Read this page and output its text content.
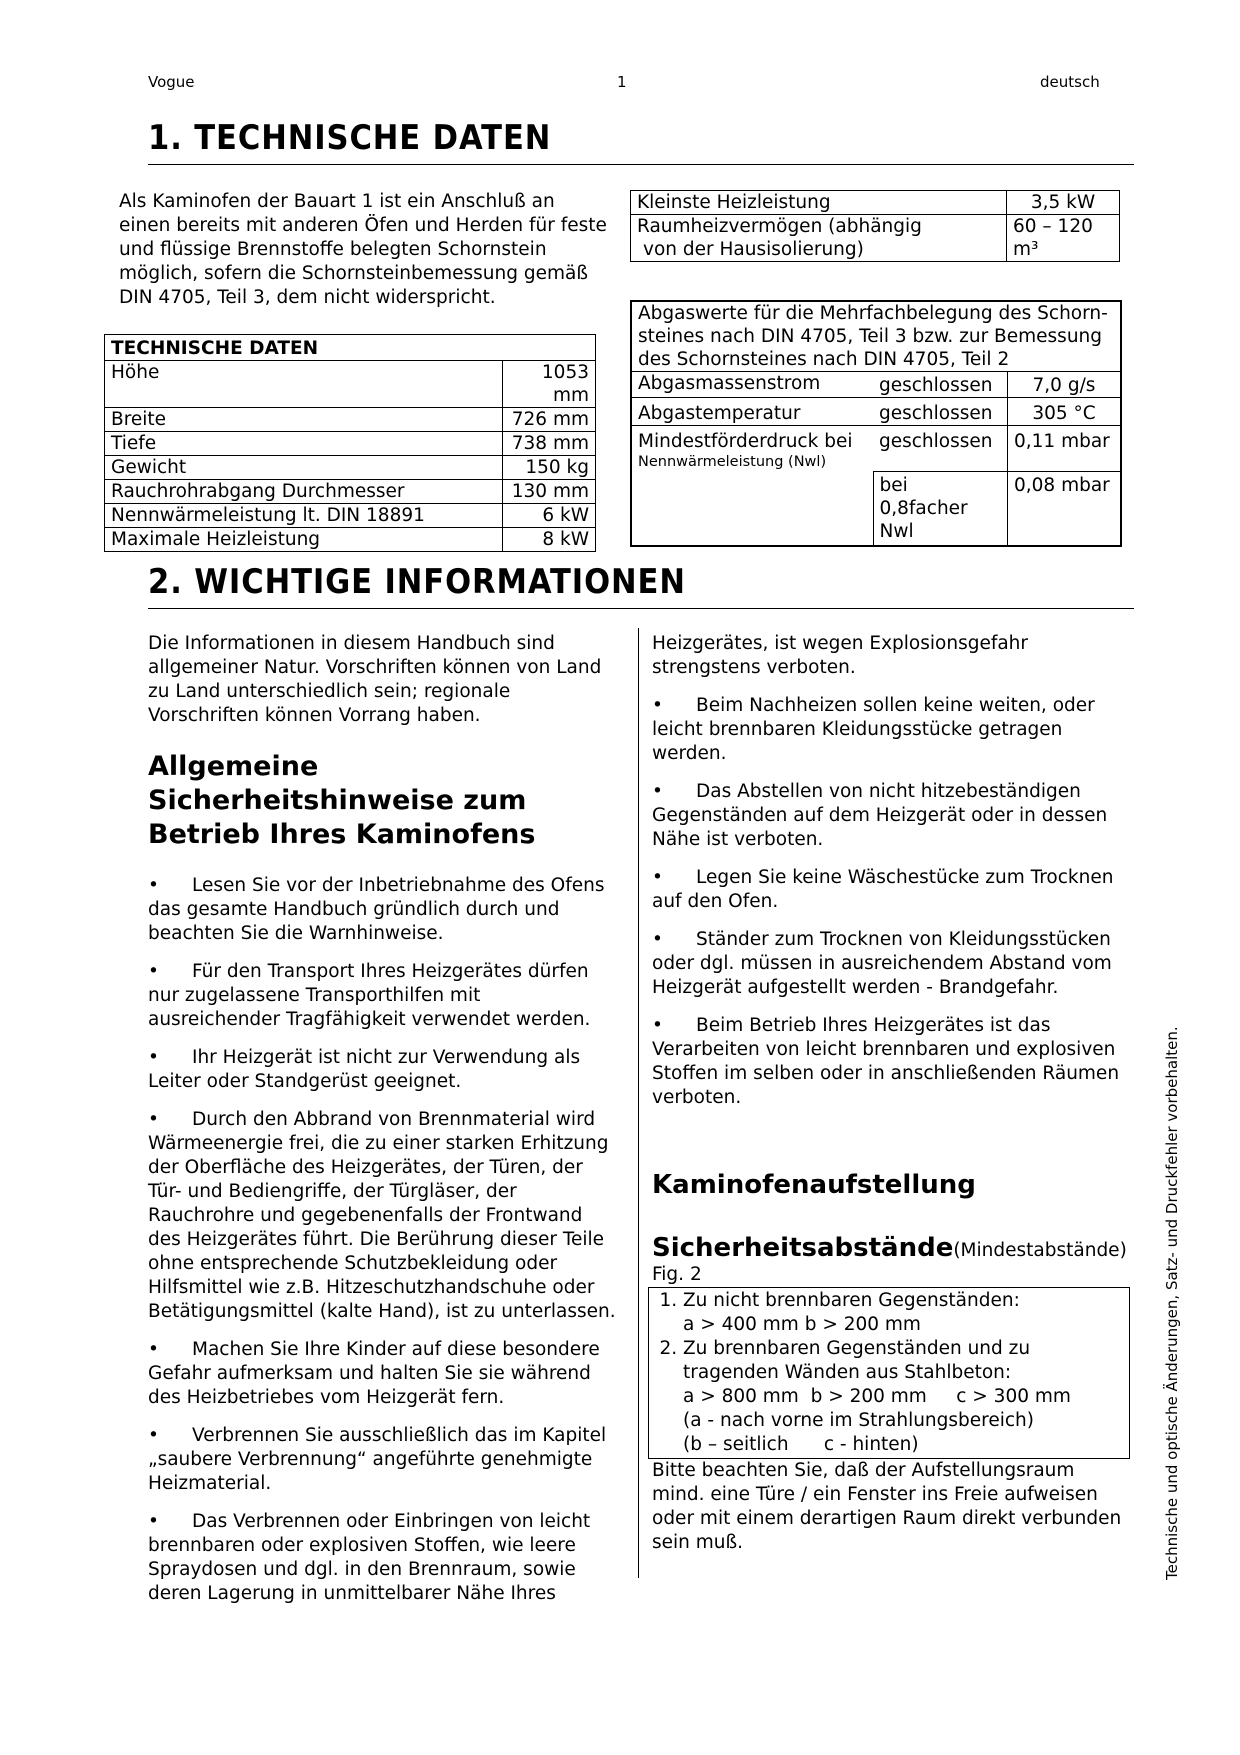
Vogue	1	deutsch
1. TECHNISCHE DATEN
Als Kaminofen der Bauart 1 ist ein Anschluß an einen bereits mit anderen Öfen und Herden für feste und flüssige Brennstoffe belegten Schornstein möglich, sofern die Schornsteinbemessung gemäß DIN 4705, Teil 3, dem nicht widerspricht.
TECHNISCHE DATEN	
Höhe	1053 mm
Breite	726 mm
Tiefe	738 mm
Gewicht	150 kg
Rauchrohrabgang Durchmesser	130 mm
Nennwärmeleistung lt. DIN 18891	6 kW
Maximale Heizleistung	8 kW
Kleinste Heizleistung	3,5 kW

Raumheizvermögen (abhängig
von der Hausisolierung)	60 – 120
m³
Abgaswerte für die Mehrfachbelegung des Schorn-steines nach DIN 4705, Teil 3 bzw. zur Bemessung des Schornsteines nach DIN 4705, Teil 2		
Abgasmassenstrom	geschlossen	7,0 g/s
Abgastemperatur	geschlossen	305 °C

Mindestförderdruck bei
Nennwärmeleistung (Nwl)	geschlossen	0,11 mbar
	bei 0,8facher Nwl	0,08 mbar
2. WICHTIGE INFORMATIONEN

Die Informationen in diesem Handbuch sind allgemeiner Natur. Vorschriften können von Land zu Land unterschiedlich sein; regionale Vorschriften können Vorrang haben.

Allgemeine Sicherheitshinweise zum Betrieb Ihres Kaminofens

• Lesen Sie vor der Inbetriebnahme des Ofens das gesamte Handbuch gründlich durch und beachten Sie die Warnhinweise.

• Für den Transport Ihres Heizgerätes dürfen nur zugelassene Transporthilfen mit ausreichender Tragfähigkeit verwendet werden.

• Ihr Heizgerät ist nicht zur Verwendung als Leiter oder Standgerüst geeignet.

• Durch den Abbrand von Brennmaterial wird Wärmeenergie frei, die zu einer starken Erhitzung der Oberfläche des Heizgerätes, der Türen, der Tür- und Bediengriffe, der Türgläser, der Rauchrohre und gegebenenfalls der Frontwand des Heizgerätes führt. Die Berührung dieser Teile ohne entsprechende Schutzbekleidung oder Hilfsmittel wie z.B. Hitzeschutzhandschuhe oder Betätigungsmittel (kalte Hand), ist zu unterlassen.

• Machen Sie Ihre Kinder auf diese besondere Gefahr aufmerksam und halten Sie sie während des Heizbetriebes vom Heizgerät fern.

• Verbrennen Sie ausschließlich das im Kapitel „saubere Verbrennung“ angeführte genehmigte Heizmaterial.

• Das Verbrennen oder Einbringen von leicht brennbaren oder explosiven Stoffen, wie leere Spraydosen und dgl. in den Brennraum, sowie deren Lagerung in unmittelbarer Nähe Ihres

Heizgerätes, ist wegen Explosionsgefahr strengstens verboten.

• Beim Nachheizen sollen keine weiten, oder leicht brennbaren Kleidungsstücke getragen werden.

• Das Abstellen von nicht hitzebeständigen Gegenständen auf dem Heizgerät oder in dessen Nähe ist verboten.

• Legen Sie keine Wäschestücke zum Trocknen auf den Ofen.

• Ständer zum Trocknen von Kleidungsstücken oder dgl. müssen in ausreichendem Abstand vom Heizgerät aufgestellt werden - Brandgefahr.

• Beim Betrieb Ihres Heizgerätes ist das Verarbeiten von leicht brennbaren und explosiven Stoffen im selben oder in anschließenden Räumen verboten.

Kaminofenaufstellung
Sicherheitsabstände(Mindestabstände)
Fig. 2
1. Zu nicht brennbaren Gegenständen:
a > 400 mm b > 200 mm
2. Zu brennbaren Gegenständen und zu tragenden Wänden aus Stahlbeton:
a > 800 mm  b > 200 mm     c > 300 mm
(a - nach vorne im Strahlungsbereich)
(b – seitlich      c - hinten)

Bitte beachten Sie, daß der Aufstellungsraum mind. eine Türe / ein Fenster ins Freie aufweisen oder mit einem derartigen Raum direkt verbunden sein muß.	Technische und optische Änderungen, Satz- und Druckfehler vorbehalten.
